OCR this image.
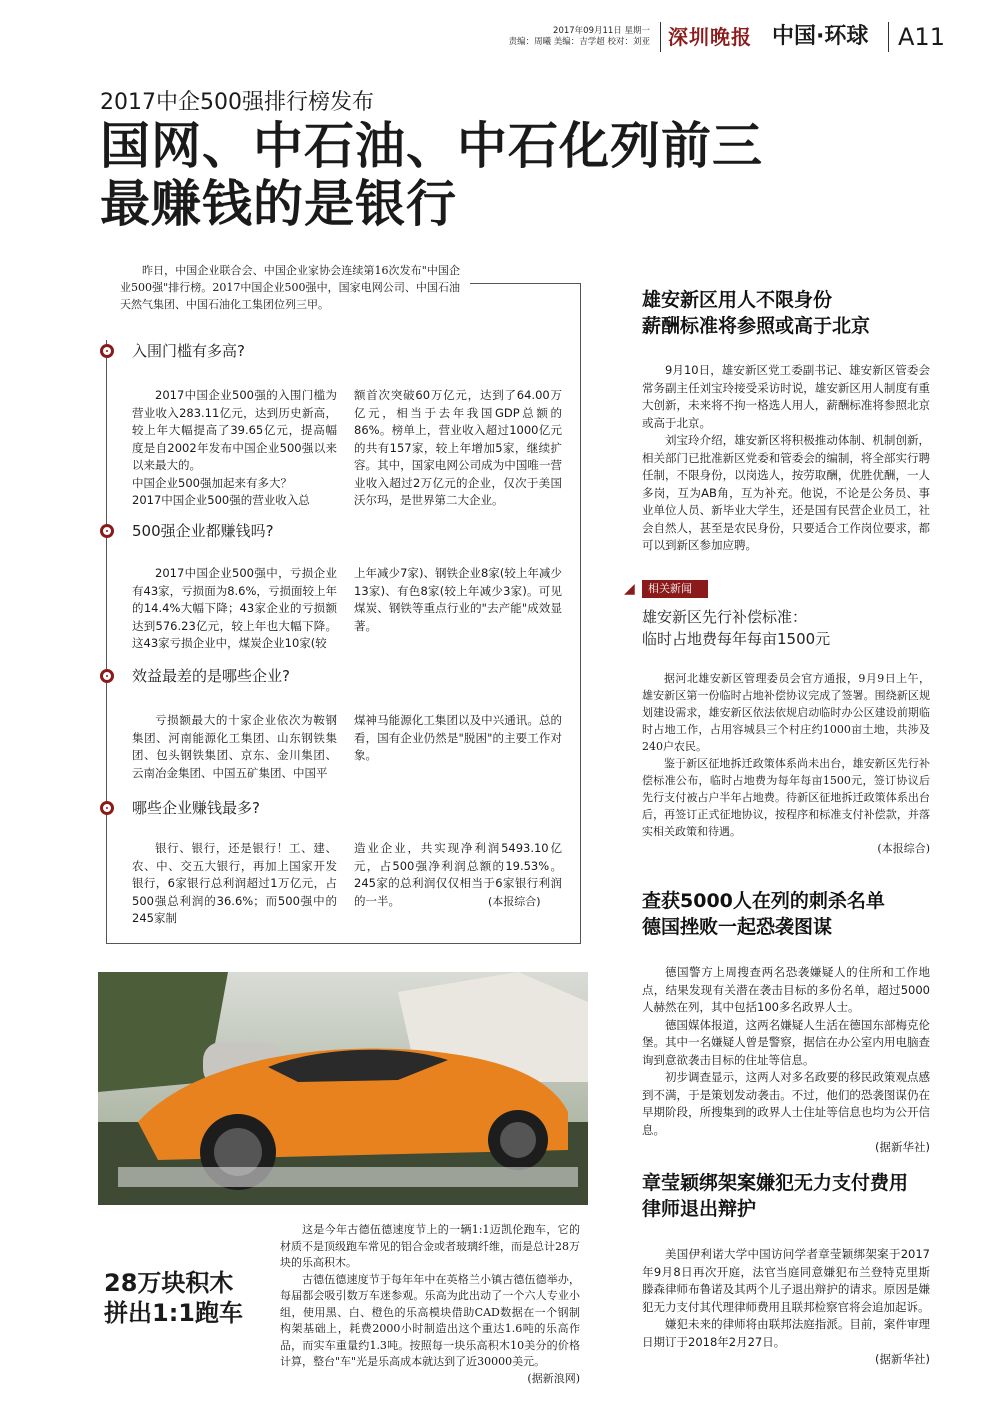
2017年09月11日 星期一
责编：周曦 美编：吉学超 校对：刘亚 深圳晚报 中国·环球 A11
2017中企500强排行榜发布
国网、中石油、中石化列前三
最赚钱的是银行
昨日，中国企业联合会、中国企业家协会连续第16次发布"中国企业500强"排行榜。2017中国企业500强中，国家电网公司、中国石油天然气集团、中国石油化工集团位列三甲。
入围门槛有多高?
2017中国企业500强的入围门槛为营业收入283.11亿元，达到历史新高，较上年大幅提高了39.65亿元，提高幅度是自2002年发布中国企业500强以来以来最大的。
中国企业500强加起来有多大？
2017中国企业500强的营业收入总
额首次突破60万亿元，达到了64.00万亿元，相当于去年我国GDP总额的86%。榜单上，营业收入超过1000亿元的共有157家，较上年增加5家，继续扩容。其中，国家电网公司成为中国唯一营业收入超过2万亿元的企业，仅次于美国沃尔玛，是世界第二大企业。
500强企业都赚钱吗?
2017中国企业500强中，亏损企业有43家，亏损面为8.6%，亏损面较上年的14.4%大幅下降；43家企业的亏损额达到576.23亿元，较上年也大幅下降。这43家亏损企业中，煤炭企业10家(较
上年减少7家)、钢铁企业8家(较上年减少13家)、有色8家(较上年减少3家)。可见煤炭、钢铁等重点行业的"去产能"成效显著。
效益最差的是哪些企业?
亏损额最大的十家企业依次为鞍钢集团、河南能源化工集团、山东钢铁集团、包头钢铁集团、京东、金川集团、云南冶金集团、中国五矿集团、中国平
煤神马能源化工集团以及中兴通讯。总的看，国有企业仍然是"脱困"的主要工作对象。
哪些企业赚钱最多?
银行、银行，还是银行！工、建、农、中、交五大银行，再加上国家开发银行，6家银行总利润超过1万亿元，占500强总利润的36.6%；而500强中的245家制
造业企业，共实现净利润5493.10亿元，占500强净利润总额的19.53%。245家的总利润仅仅相当于6家银行利润的一半。	(本报综合)
28万块积木
拼出1:1跑车
这是今年古德伍德速度节上的一辆1:1迈凯伦跑车，它的材质不是顶级跑车常见的铝合金或者玻璃纤维，而是总计28万块的乐高积木。
古德伍德速度节于每年年中在英格兰小镇古德伍德举办，每届都会吸引数万车迷参观。乐高为此出动了一个六人专业小组，使用黑、白、橙色的乐高模块借助CAD数据在一个钢制构架基础上，耗费2000小时制造出这个重达1.6吨的乐高作品，而实车重量约1.3吨。按照每一块乐高积木10美分的价格计算，整台"车"光是乐高成本就达到了近30000美元。
(据新浪网)
雄安新区用人不限身份
薪酬标准将参照或高于北京
9月10日，雄安新区党工委副书记、雄安新区管委会常务副主任刘宝玲接受采访时说，雄安新区用人制度有重大创新，未来将不拘一格选人用人，薪酬标准将参照北京或高于北京。
刘宝玲介绍，雄安新区将积极推动体制、机制创新，相关部门已批准新区党委和管委会的编制，将全部实行聘任制，不限身份，以岗选人，按劳取酬，优胜优酬，一人多岗，互为AB角，互为补充。他说，不论是公务员、事业单位人员、新毕业大学生，还是国有民营企业员工，社会自然人，甚至是农民身份，只要适合工作岗位要求，都可以到新区参加应聘。
◢	相关新闻
雄安新区先行补偿标准：
临时占地费每年每亩1500元
据河北雄安新区管理委员会官方通报，9月9日上午，雄安新区第一份临时占地补偿协议完成了签署。围绕新区规划建设需求，雄安新区依法依规启动临时办公区建设前期临时占地工作，占用容城县三个村庄约1000亩土地，共涉及240户农民。
鉴于新区征地拆迁政策体系尚未出台，雄安新区先行补偿标准公布，临时占地费为每年每亩1500元，签订协议后先行支付被占户半年占地费。待新区征地拆迁政策体系出台后，再签订正式征地协议，按程序和标准支付补偿款，并落实相关政策和待遇。
(本报综合)
查获5000人在列的刺杀名单
德国挫败一起恐袭图谋
德国警方上周搜查两名恐袭嫌疑人的住所和工作地点，结果发现有关潜在袭击目标的多份名单，超过5000人赫然在列，其中包括100多名政界人士。
德国媒体报道，这两名嫌疑人生活在德国东部梅克伦堡。其中一名嫌疑人曾是警察，据信在办公室内用电脑查询到意欲袭击目标的住址等信息。
初步调查显示，这两人对多名政要的移民政策观点感到不满，于是策划发动袭击。不过，他们的恐袭图谋仍在早期阶段，所搜集到的政界人士住址等信息也均为公开信息。
(据新华社)
章莹颖绑架案嫌犯无力支付费用
律师退出辩护
美国伊利诺大学中国访问学者章莹颖绑架案于2017年9月8日再次开庭，法官当庭同意嫌犯布兰登特克里斯滕森律师布鲁诺及其两个儿子退出辩护的请求。原因是嫌犯无力支付其代理律师费用且联邦检察官将会追加起诉。
嫌犯未来的律师将由联邦法庭指派。目前，案件审理日期订于2018年2月27日。
(据新华社)
